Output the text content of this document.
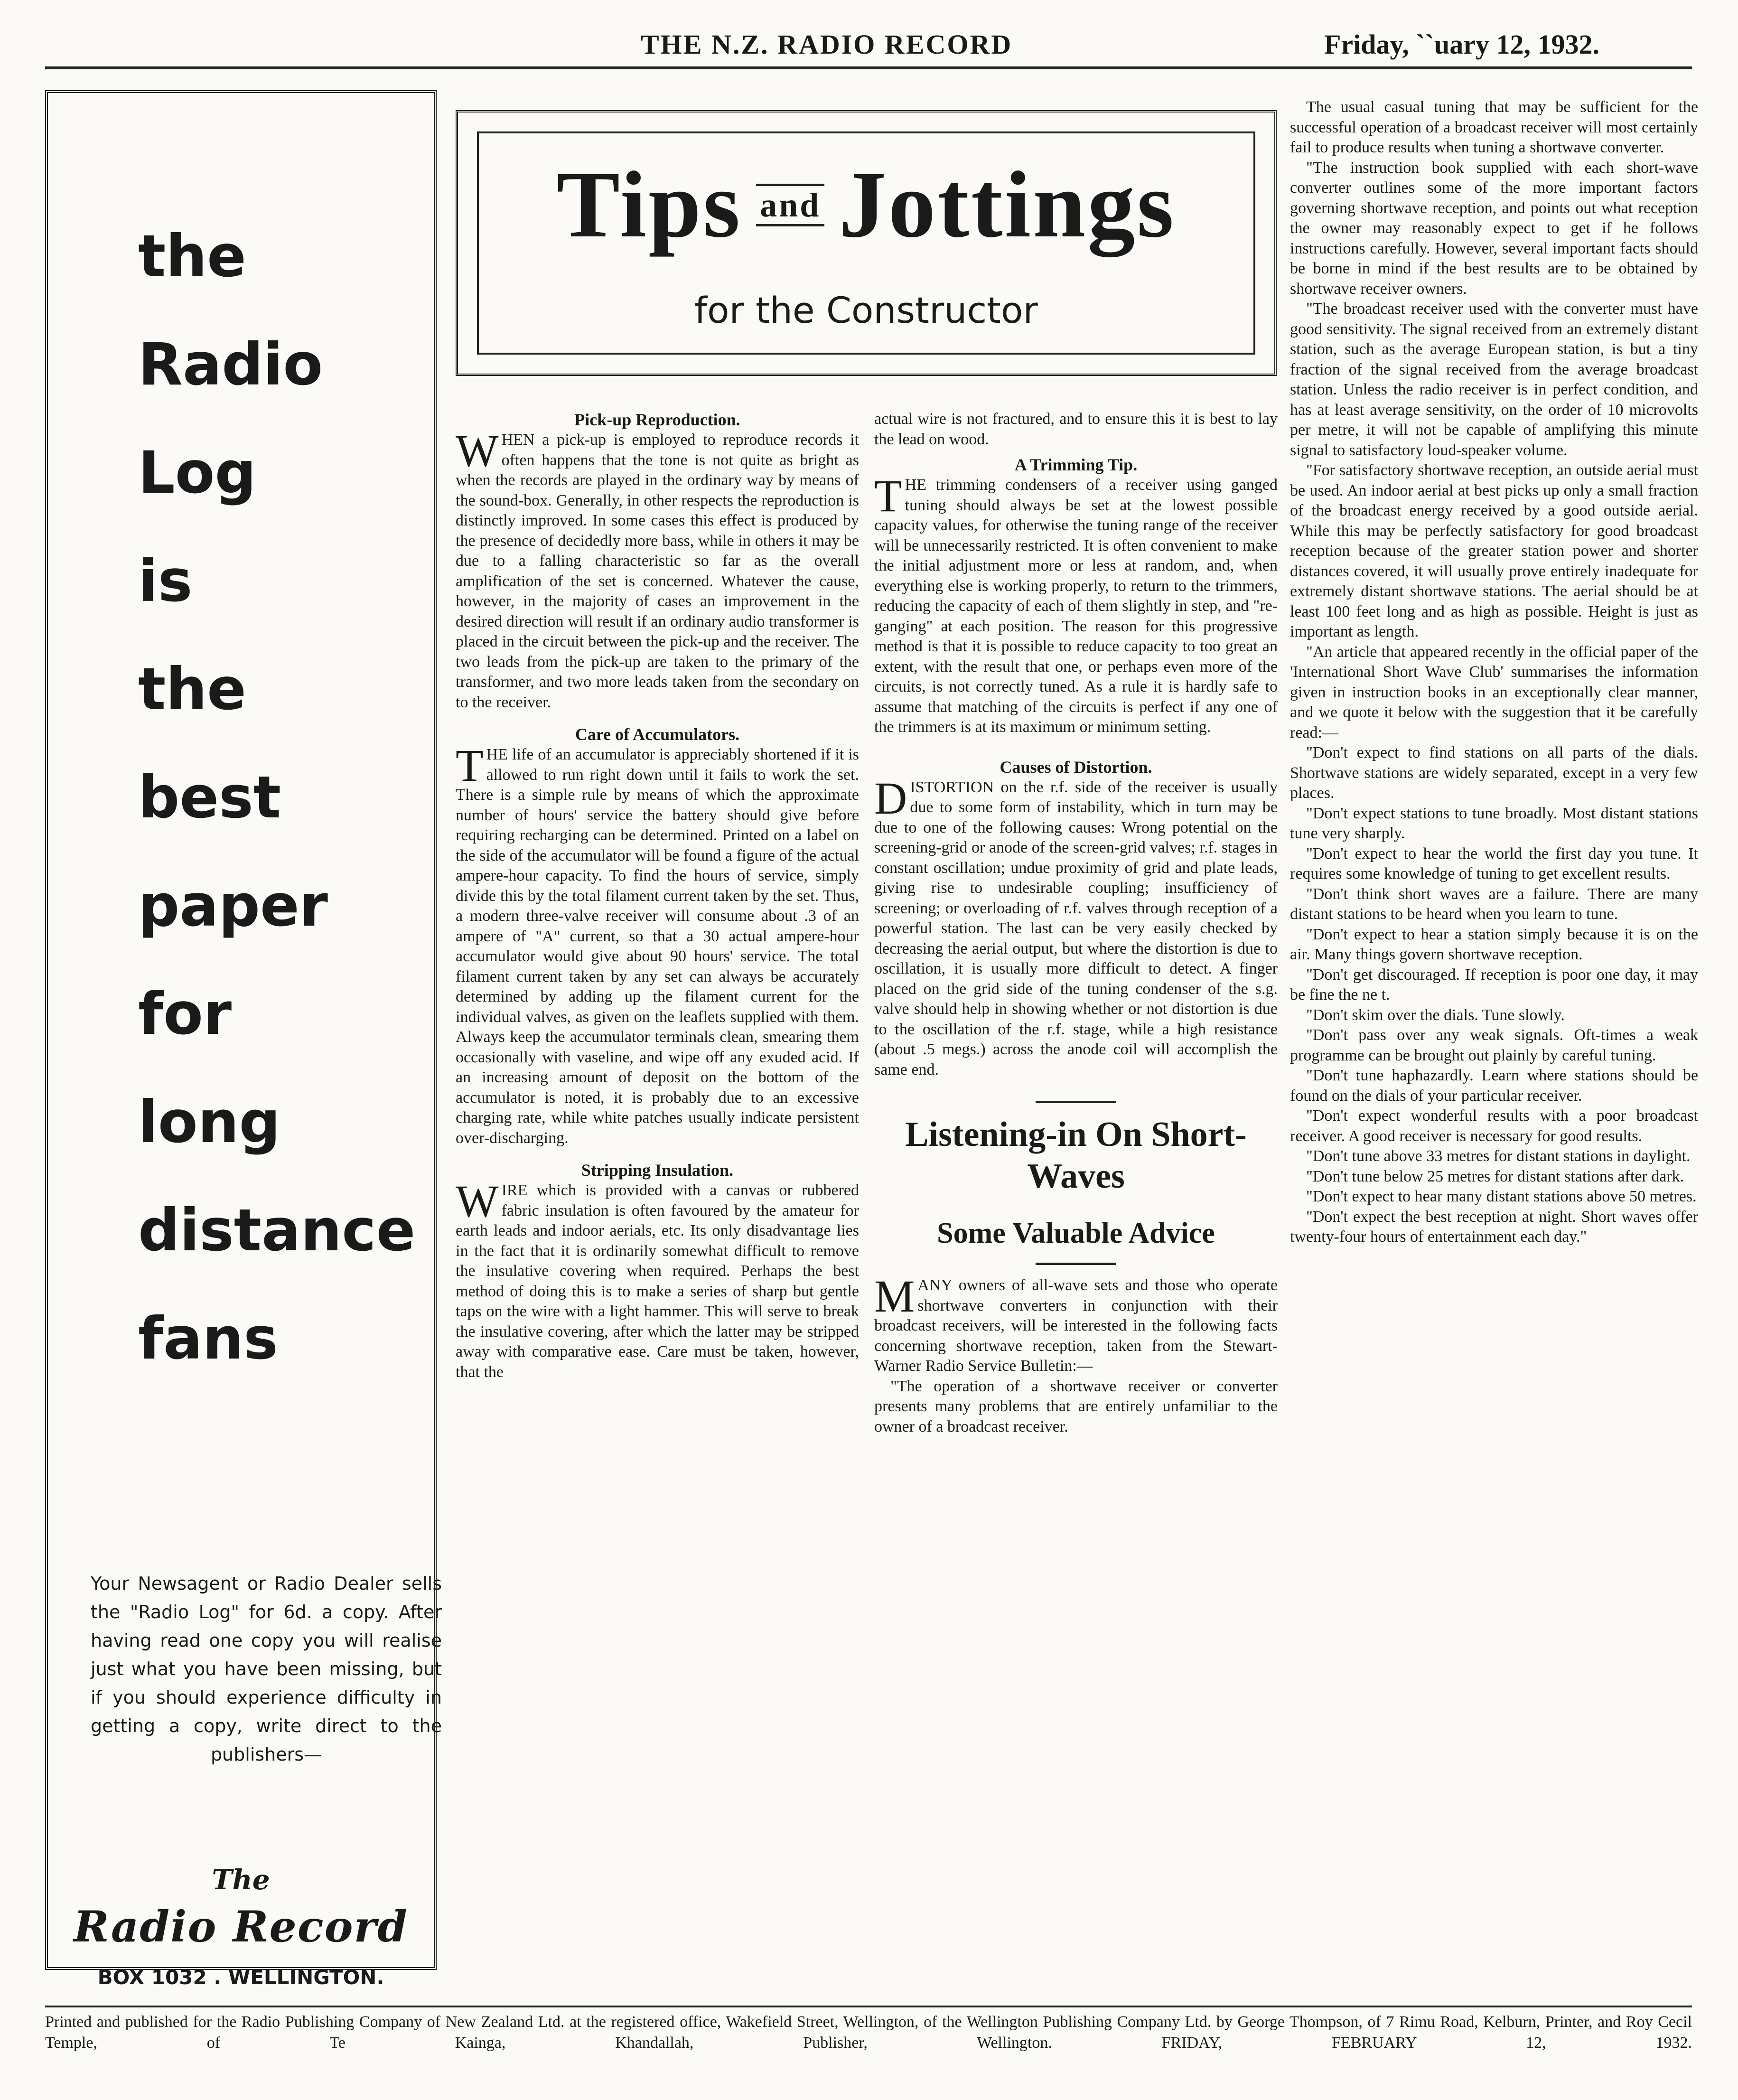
THE N.Z. RADIO RECORD	Friday, ``uary 12, 1932.
the
Radio
Log
is
the
best
paper
for
long
distance
fans
Your Newsagent or Radio Dealer sells the "Radio Log" for 6d. a copy. After having read one copy you will realise just what you have been missing, but if you should experience difficulty in getting a copy, write direct to the publishers—
The
Radio Record
BOX 1032 . WELLINGTON.
Tips and Jottings
for the Constructor
Pick-up Reproduction.

WHEN a pick-up is employed to reproduce records it often happens that the tone is not quite as bright as when the records are played in the ordinary way by means of the sound-box. Generally, in other respects the reproduction is distinctly improved. In some cases this effect is produced by the presence of decidedly more bass, while in others it may be due to a falling characteristic so far as the overall amplification of the set is concerned. Whatever the cause, however, in the majority of cases an improvement in the desired direction will result if an ordinary audio transformer is placed in the circuit between the pick-up and the receiver. The two leads from the pick-up are taken to the primary of the transformer, and two more leads taken from the secondary on to the receiver.

Care of Accumulators.

THE life of an accumulator is appreciably shortened if it is allowed to run right down until it fails to work the set. There is a simple rule by means of which the approximate number of hours' service the battery should give before requiring recharging can be determined. Printed on a label on the side of the accumulator will be found a figure of the actual ampere-hour capacity. To find the hours of service, simply divide this by the total filament current taken by the set. Thus, a modern three-valve receiver will consume about .3 of an ampere of "A" current, so that a 30 actual ampere-hour accumulator would give about 90 hours' service. The total filament current taken by any set can always be accurately determined by adding up the filament current for the individual valves, as given on the leaflets supplied with them. Always keep the accumulator terminals clean, smearing them occasionally with vaseline, and wipe off any exuded acid. If an increasing amount of deposit on the bottom of the accumulator is noted, it is probably due to an excessive charging rate, while white patches usually indicate persistent over-discharging.

Stripping Insulation.

WIRE which is provided with a canvas or rubbered fabric insulation is often favoured by the amateur for earth leads and indoor aerials, etc. Its only disadvantage lies in the fact that it is ordinarily somewhat difficult to remove the insulative covering when required. Perhaps the best method of doing this is to make a series of sharp but gentle taps on the wire with a light hammer. This will serve to break the insulative covering, after which the latter may be stripped away with comparative ease. Care must be taken, however, that the

actual wire is not fractured, and to ensure this it is best to lay the lead on wood.

A Trimming Tip.

THE trimming condensers of a receiver using ganged tuning should always be set at the lowest possible capacity values, for otherwise the tuning range of the receiver will be unnecessarily restricted. It is often convenient to make the initial adjustment more or less at random, and, when everything else is working properly, to return to the trimmers, reducing the capacity of each of them slightly in step, and "re-ganging" at each position. The reason for this progressive method is that it is possible to reduce capacity to too great an extent, with the result that one, or perhaps even more of the circuits, is not correctly tuned. As a rule it is hardly safe to assume that matching of the circuits is perfect if any one of the trimmers is at its maximum or minimum setting.

Causes of Distortion.

DISTORTION on the r.f. side of the receiver is usually due to some form of instability, which in turn may be due to one of the following causes: Wrong potential on the screening-grid or anode of the screen-grid valves; r.f. stages in constant oscillation; undue proximity of grid and plate leads, giving rise to undesirable coupling; insufficiency of screening; or overloading of r.f. valves through reception of a powerful station. The last can be very easily checked by decreasing the aerial output, but where the distortion is due to oscillation, it is usually more difficult to detect. A finger placed on the grid side of the tuning condenser of the s.g. valve should help in showing whether or not distortion is due to the oscillation of the r.f. stage, while a high resistance (about .5 megs.) across the anode coil will accomplish the same end.

Listening-in On Short-Waves
Some Valuable Advice

MANY owners of all-wave sets and those who operate shortwave converters in conjunction with their broadcast receivers, will be interested in the following facts concerning shortwave reception, taken from the Stewart-Warner Radio Service Bulletin:—

"The operation of a shortwave receiver or converter presents many problems that are entirely unfamiliar to the owner of a broadcast receiver.

The usual casual tuning that may be sufficient for the successful operation of a broadcast receiver will most certainly fail to produce results when tuning a shortwave converter.

"The instruction book supplied with each short-wave converter outlines some of the more important factors governing shortwave reception, and points out what reception the owner may reasonably expect to get if he follows instructions carefully. However, several important facts should be borne in mind if the best results are to be obtained by shortwave receiver owners.

"The broadcast receiver used with the converter must have good sensitivity. The signal received from an extremely distant station, such as the average European station, is but a tiny fraction of the signal received from the average broadcast station. Unless the radio receiver is in perfect condition, and has at least average sensitivity, on the order of 10 microvolts per metre, it will not be capable of amplifying this minute signal to satisfactory loud-speaker volume.

"For satisfactory shortwave reception, an outside aerial must be used. An indoor aerial at best picks up only a small fraction of the broadcast energy received by a good outside aerial. While this may be perfectly satisfactory for good broadcast reception because of the greater station power and shorter distances covered, it will usually prove entirely inadequate for extremely distant shortwave stations. The aerial should be at least 100 feet long and as high as possible. Height is just as important as length.

"An article that appeared recently in the official paper of the 'International Short Wave Club' summarises the information given in instruction books in an exceptionally clear manner, and we quote it below with the suggestion that it be carefully read:—

"Don't expect to find stations on all parts of the dials. Shortwave stations are widely separated, except in a very few places.

"Don't expect stations to tune broadly. Most distant stations tune very sharply.

"Don't expect to hear the world the first day you tune. It requires some knowledge of tuning to get excellent results.

"Don't think short waves are a failure. There are many distant stations to be heard when you learn to tune.

"Don't expect to hear a station simply because it is on the air. Many things govern shortwave reception.

"Don't get discouraged. If reception is poor one day, it may be fine the ne t.

"Don't skim over the dials. Tune slowly.

"Don't pass over any weak signals. Oft-times a weak programme can be brought out plainly by careful tuning.

"Don't tune haphazardly. Learn where stations should be found on the dials of your particular receiver.

"Don't expect wonderful results with a poor broadcast receiver. A good receiver is necessary for good results.

"Don't tune above 33 metres for distant stations in daylight.

"Don't tune below 25 metres for distant stations after dark.

"Don't expect to hear many distant stations above 50 metres.

"Don't expect the best reception at night. Short waves offer twenty-four hours of entertainment each day."

Printed and published for the Radio Publishing Company of New Zealand Ltd. at the registered office, Wakefield Street, Wellington, of the Wellington Publishing Company Ltd. by George Thompson, of 7 Rimu Road, Kelburn, Printer, and Roy Cecil Temple, of Te Kainga, Khandallah, Publisher, Wellington. FRIDAY, FEBRUARY 12, 1932.
